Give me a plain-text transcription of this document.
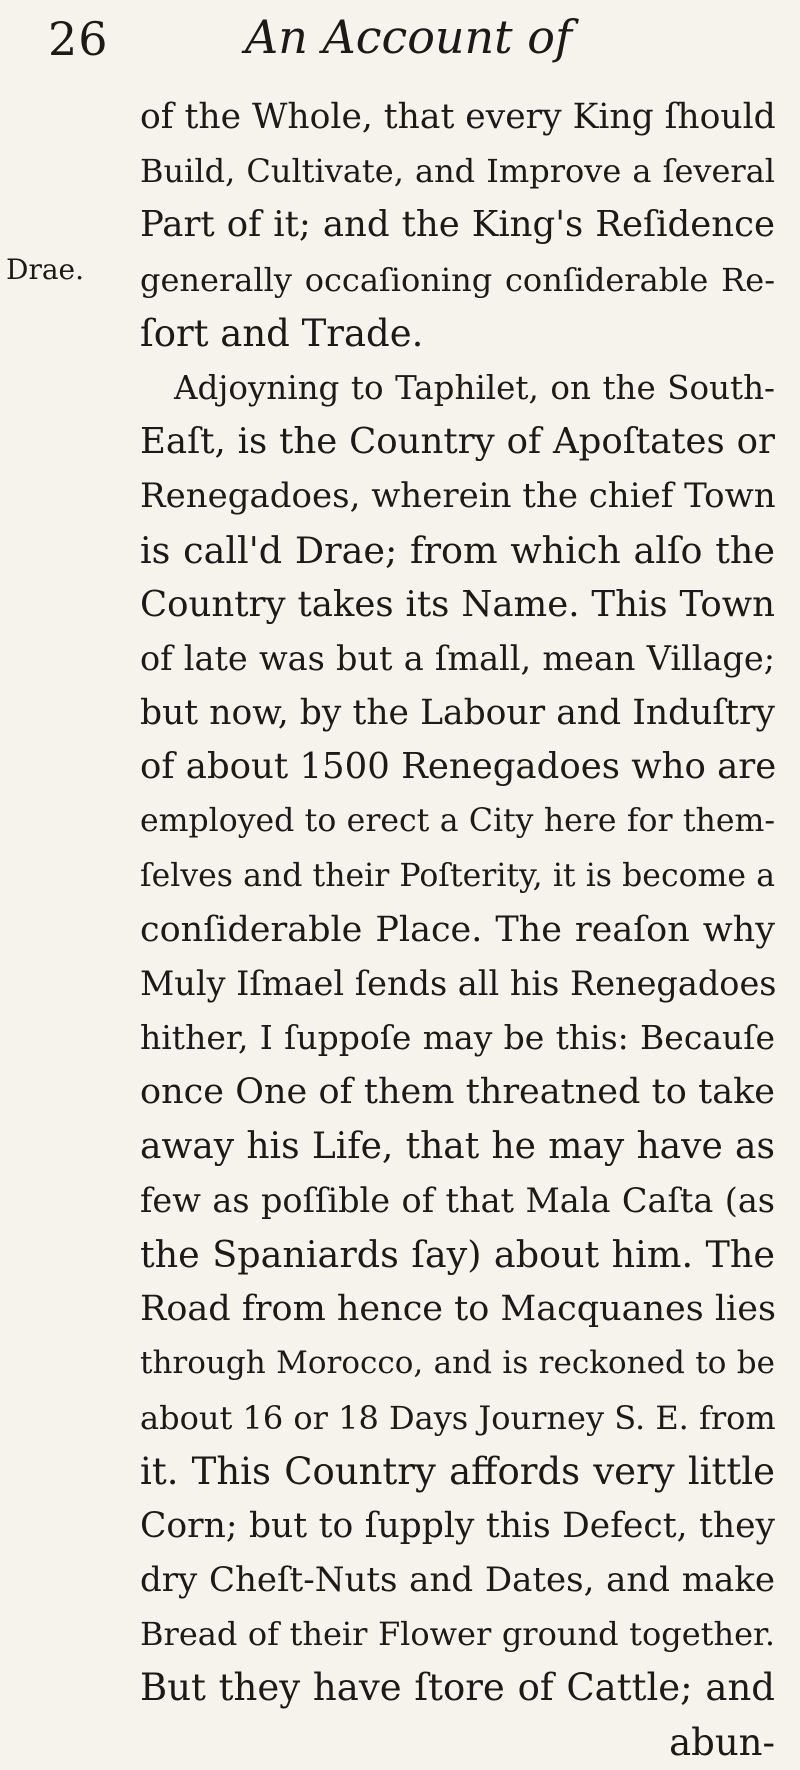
26	An Account of
Drae.
of the Whole, that every King ſhould
Build, Cultivate, and Improve a ſeveral
Part of it; and the King's Reſidence
generally occaſioning conſiderable Re-
ſort and Trade.
Adjoyning to Taphilet, on the South-
Eaſt, is the Country of Apoſtates or
Renegadoes, wherein the chief Town
is call'd Drae; from which alſo the
Country takes its Name. This Town
of late was but a ſmall, mean Village;
but now, by the Labour and Induſtry
of about 1500 Renegadoes who are
employed to erect a City here for them-
ſelves and their Poſterity, it is become a
conſiderable Place. The reaſon why
Muly Iſmael ſends all his Renegadoes
hither, I ſuppoſe may be this: Becauſe
once One of them threatned to take
away his Life, that he may have as
few as poſſible of that Mala Caſta (as
the Spaniards ſay) about him. The
Road from hence to Macquanes lies
through Morocco, and is reckoned to be
about 16 or 18 Days Journey S. E. from
it. This Country affords very little
Corn; but to ſupply this Defect, they
dry Cheſt-Nuts and Dates, and make
Bread of their Flower ground together.
But they have ſtore of Cattle; and
abun-
